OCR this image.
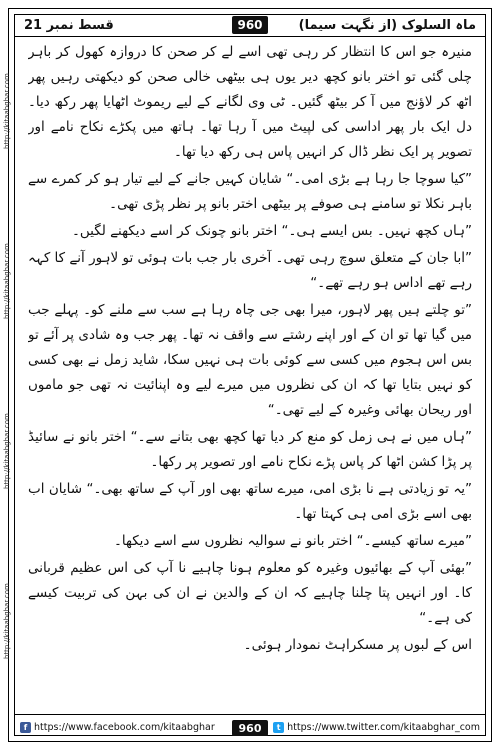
ماہ السلوک (از نگہت سیما)
قسط نمبر 21	960
http://kitaabghar.com
http://kitaabghar.com
http://kitaabghar.com
http://kitaabghar.com

منیرہ جو اس کا انتظار کر رہی تھی اسے لے کر صحن کا دروازہ کھول کر باہر چلی گئی تو اختر بانو کچھ دیر یوں ہی بیٹھی خالی صحن کو دیکھتی رہیں پھر اٹھ کر لاؤنج میں آ کر بیٹھ گئیں۔ ٹی وی لگانے کے لیے ریموٹ اٹھایا پھر رکھ دیا۔ دل ایک بار پھر اداسی کی لپیٹ میں آ رہا تھا۔ ہاتھ میں پکڑے نکاح نامے اور تصویر پر ایک نظر ڈال کر انہیں پاس ہی رکھ دیا تھا۔

”کیا سوچا جا رہا ہے بڑی امی۔“ شایان کہیں جانے کے لیے تیار ہو کر کمرے سے باہر نکلا تو سامنے ہی صوفے پر بیٹھی اختر بانو پر نظر پڑی تھی۔

”ہاں کچھ نہیں۔ بس ایسے ہی۔“ اختر بانو چونک کر اسے دیکھنے لگیں۔

”ابا جان کے متعلق سوچ رہی تھی۔ آخری بار جب بات ہوئی تو لاہور آنے کا کہہ رہے تھے اداس ہو رہے تھے۔“

”تو چلتے ہیں پھر لاہور، میرا بھی جی چاہ رہا ہے سب سے ملنے کو۔ پہلے جب میں گیا تھا تو ان کے اور اپنے رشتے سے واقف نہ تھا۔ پھر جب وہ شادی پر آئے تو بس اس ہجوم میں کسی سے کوئی بات ہی نہیں سکا، شاید زمل نے بھی کسی کو نہیں بتایا تھا کہ ان کی نظروں میں میرے لیے وہ اپنائیت نہ تھی جو ماموں اور ریحان بھائی وغیرہ کے لیے تھی۔“

”ہاں میں نے ہی زمل کو منع کر دیا تھا کچھ بھی بتانے سے۔“ اختر بانو نے سائیڈ پر پڑا کشن اٹھا کر پاس پڑے نکاح نامے اور تصویر پر رکھا۔

”یہ تو زیادتی ہے نا بڑی امی، میرے ساتھ بھی اور آپ کے ساتھ بھی۔“ شایان اب بھی اسے بڑی امی ہی کہتا تھا۔

”میرے ساتھ کیسے۔“ اختر بانو نے سوالیہ نظروں سے اسے دیکھا۔

”بھئی آپ کے بھائیوں وغیرہ کو معلوم ہونا چاہیے نا آپ کی اس عظیم قربانی کا۔ اور انہیں پتا چلنا چاہیے کہ ان کے والدین نے ان کی بہن کی تربیت کیسے کی ہے۔“

اس کے لبوں پر مسکراہٹ نمودار ہوئی۔

f https://www.facebook.com/kitaabghar	t https://www.twitter.com/kitaabghar_com
960
